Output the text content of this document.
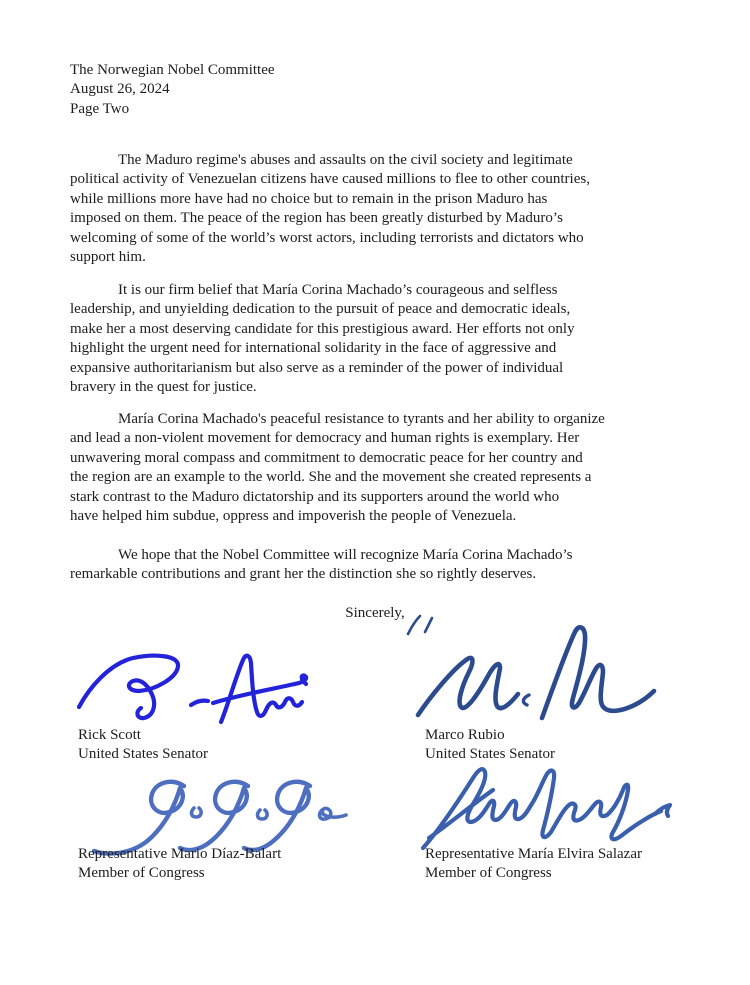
The Norwegian Nobel Committee
August 26, 2024
Page Two
The Maduro regime's abuses and assaults on the civil society and legitimate
political activity of Venezuelan citizens have caused millions to flee to other countries,
while millions more have had no choice but to remain in the prison Maduro has
imposed on them. The peace of the region has been greatly disturbed by Maduro’s
welcoming of some of the world’s worst actors, including terrorists and dictators who
support him.
It is our firm belief that María Corina Machado’s courageous and selfless
leadership, and unyielding dedication to the pursuit of peace and democratic ideals,
make her a most deserving candidate for this prestigious award. Her efforts not only
highlight the urgent need for international solidarity in the face of aggressive and
expansive authoritarianism but also serve as a reminder of the power of individual
bravery in the quest for justice.
María Corina Machado's peaceful resistance to tyrants and her ability to organize
and lead a non-violent movement for democracy and human rights is exemplary. Her
unwavering moral compass and commitment to democratic peace for her country and
the region are an example to the world. She and the movement she created represents a
stark contrast to the Maduro dictatorship and its supporters around the world who
have helped him subdue, oppress and impoverish the people of Venezuela.
We hope that the Nobel Committee will recognize María Corina Machado’s
remarkable contributions and grant her the distinction she so rightly deserves.
Sincerely,
Rick Scott
United States Senator
Marco Rubio
United States Senator
Representative Mario Díaz-Balart
Member of Congress
Representative María Elvira Salazar
Member of Congress
